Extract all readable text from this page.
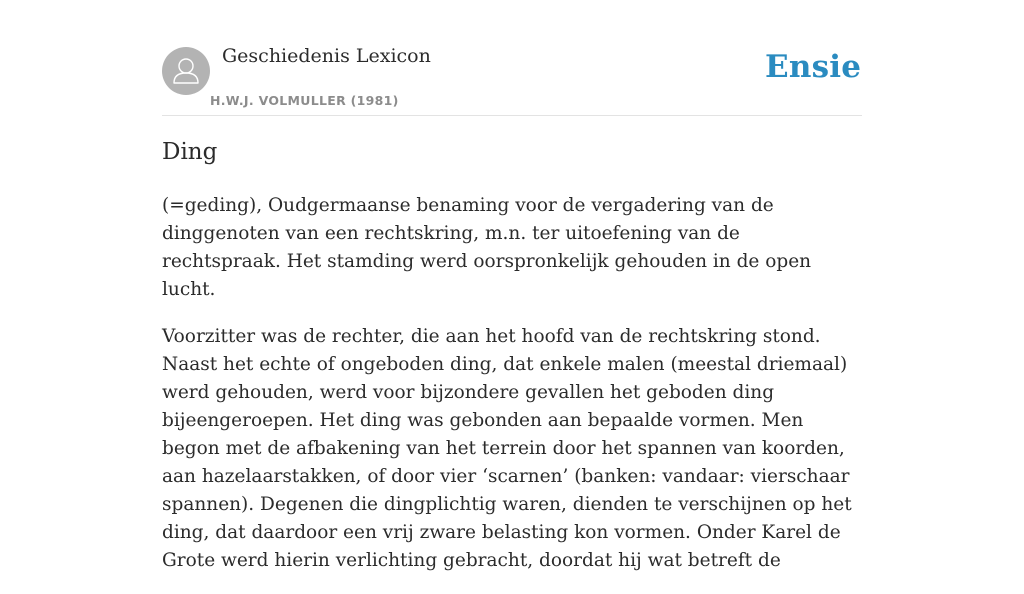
Geschiedenis Lexicon
H.W.J. VOLMULLER (1981)
Ensie
Ding

(=geding), Oudgermaanse benaming voor de vergadering van de dinggenoten van een rechtskring, m.n. ter uitoefening van de rechtspraak. Het stamding werd oorspronkelijk gehouden in de open lucht.

Voorzitter was de rechter, die aan het hoofd van de rechtskring stond. Naast het echte of ongeboden ding, dat enkele malen (meestal driemaal) werd gehouden, werd voor bijzondere gevallen het geboden ding bijeengeroepen. Het ding was gebonden aan bepaalde vormen. Men begon met de afbakening van het terrein door het spannen van koorden, aan hazelaarstakken, of door vier ‘scarnen’ (banken: vandaar: vierschaar spannen). Degenen die dingplichtig waren, dienden te verschijnen op het ding, dat daardoor een vrij zware belasting kon vormen. Onder Karel de Grote werd hierin verlichting gebracht, doordat hij wat betreft de
